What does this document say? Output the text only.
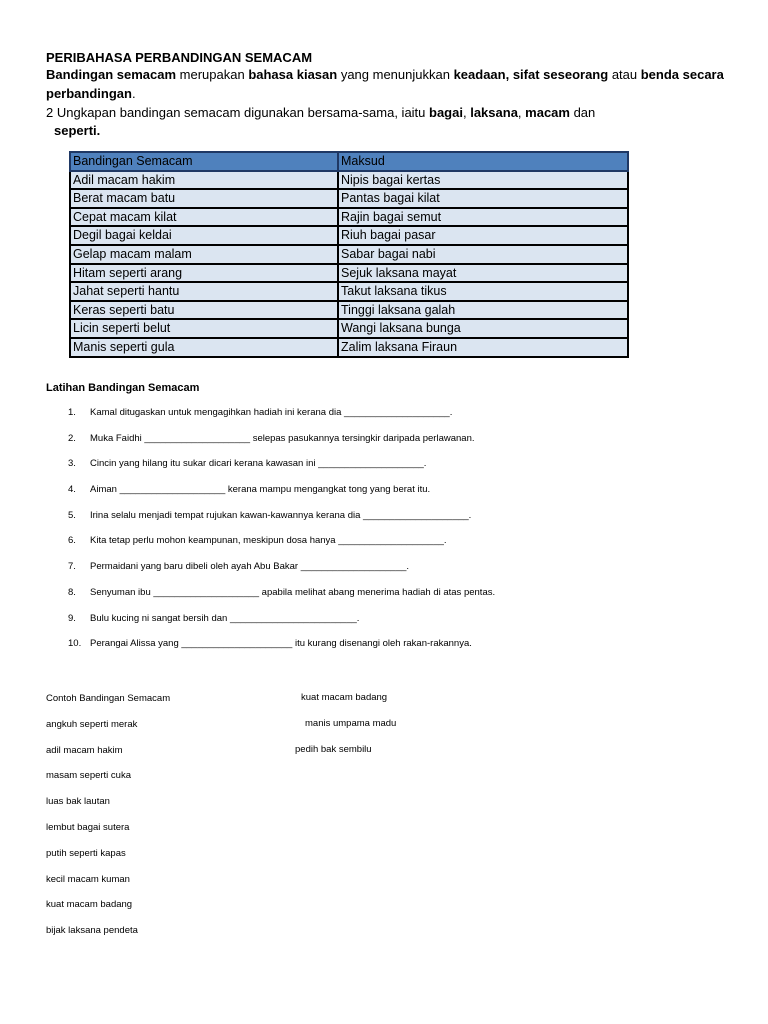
PERIBAHASA PERBANDINGAN SEMACAM
Bandingan semacam merupakan bahasa kiasan yang menunjukkan keadaan, sifat seseorang atau benda secara perbandingan.
2 Ungkapan bandingan semacam digunakan bersama-sama, iaitu bagai, laksana, macam dan
seperti.
Bandingan Semacam	Maksud
Adil macam hakim	Nipis bagai kertas
Berat macam batu	Pantas bagai kilat
Cepat macam kilat	Rajin bagai semut
Degil bagai keldai	Riuh bagai pasar
Gelap macam malam	Sabar bagai nabi
Hitam seperti arang	Sejuk laksana mayat
Jahat seperti hantu	Takut laksana tikus
Keras seperti batu	Tinggi laksana galah
Licin seperti belut	Wangi laksana bunga
Manis seperti gula	Zalim laksana Firaun
Latihan Bandingan Semacam
1. Kamal ditugaskan untuk mengagihkan hadiah ini kerana dia ____________________.
2. Muka Faidhi ____________________ selepas pasukannya tersingkir daripada perlawanan.
3. Cincin yang hilang itu sukar dicari kerana kawasan ini ____________________.
4. Aiman ____________________ kerana mampu mengangkat tong yang berat itu.
5. Irina selalu menjadi tempat rujukan kawan-kawannya kerana dia ____________________.
6. Kita tetap perlu mohon keampunan, meskipun dosa hanya ____________________.
7. Permaidani yang baru dibeli oleh ayah Abu Bakar ____________________.
8. Senyuman ibu ____________________ apabila melihat abang menerima hadiah di atas pentas.
9. Bulu kucing ni sangat bersih dan ________________________.
10. Perangai Alissa yang _____________________ itu kurang disenangi oleh rakan-rakannya.
Contoh Bandingan Semacam
angkuh seperti merak
adil macam hakim
masam seperti cuka
luas bak lautan
lembut bagai sutera
putih seperti kapas
kecil macam kuman
kuat macam badang
bijak laksana pendeta
kuat macam badang
manis umpama madu
pedih bak sembilu
